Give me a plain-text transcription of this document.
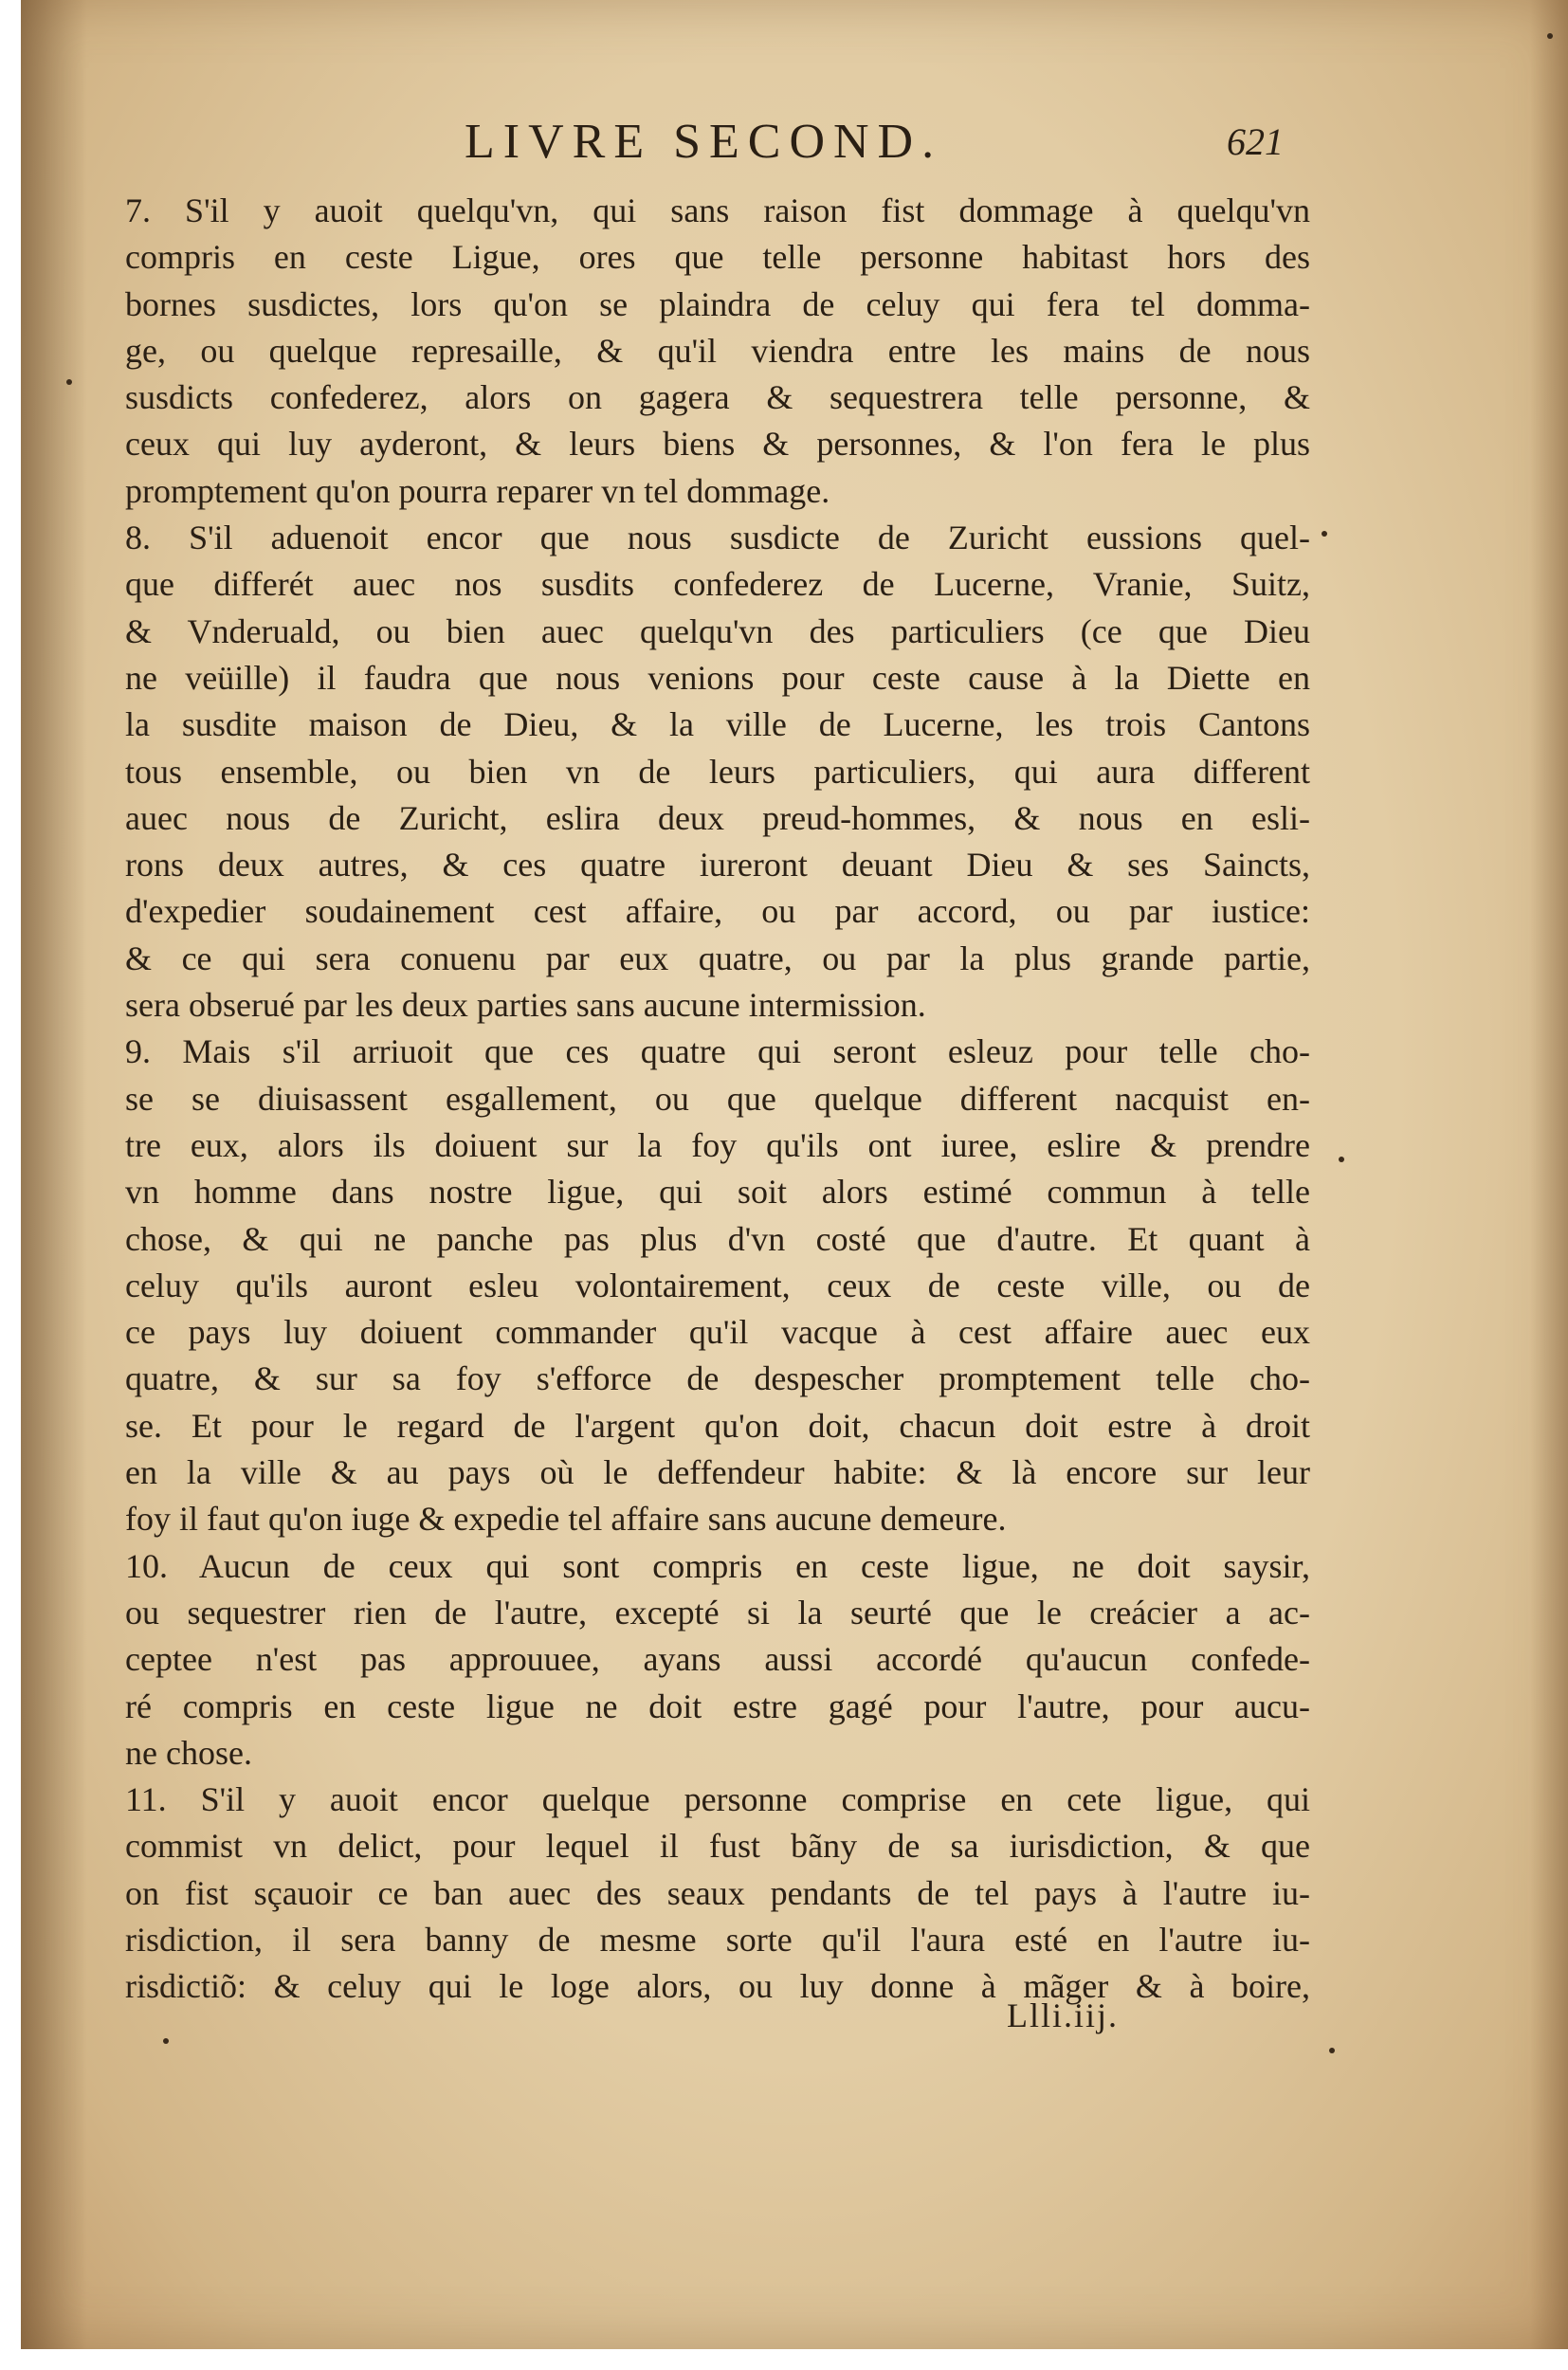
LIVRE SECOND.	621
7. S'il y auoit quelqu'vn, qui sans raison fist dommage à quelqu'vn
compris en ceste Ligue, ores que telle personne habitast hors des
bornes susdictes, lors qu'on se plaindra de celuy qui fera tel domma-
ge, ou quelque represaille, & qu'il viendra entre les mains de nous
susdicts confederez, alors on gagera & sequestrera telle personne, &
ceux qui luy ayderont, & leurs biens & personnes, & l'on fera le plus
promptement qu'on pourra reparer vn tel dommage.
8. S'il aduenoit encor que nous susdicte de Zuricht eussions quel-
que differét auec nos susdits confederez de Lucerne, Vranie, Suitz,
& Vnderuald, ou bien auec quelqu'vn des particuliers (ce que Dieu
ne veüille) il faudra que nous venions pour ceste cause à la Diette en
la susdite maison de Dieu, & la ville de Lucerne, les trois Cantons
tous ensemble, ou bien vn de leurs particuliers, qui aura different
auec nous de Zuricht, eslira deux preud-hommes, & nous en esli-
rons deux autres, & ces quatre iureront deuant Dieu & ses Saincts,
d'expedier soudainement cest affaire, ou par accord, ou par iustice:
& ce qui sera conuenu par eux quatre, ou par la plus grande partie,
sera obserué par les deux parties sans aucune intermission.
9. Mais s'il arriuoit que ces quatre qui seront esleuz pour telle cho-
se se diuisassent esgallement, ou que quelque different nacquist en-
tre eux, alors ils doiuent sur la foy qu'ils ont iuree, eslire & prendre
vn homme dans nostre ligue, qui soit alors estimé commun à telle
chose, & qui ne panche pas plus d'vn costé que d'autre. Et quant à
celuy qu'ils auront esleu volontairement, ceux de ceste ville, ou de
ce pays luy doiuent commander qu'il vacque à cest affaire auec eux
quatre, & sur sa foy s'efforce de despescher promptement telle cho-
se. Et pour le regard de l'argent qu'on doit, chacun doit estre à droit
en la ville & au pays où le deffendeur habite: & là encore sur leur
foy il faut qu'on iuge & expedie tel affaire sans aucune demeure.
10. Aucun de ceux qui sont compris en ceste ligue, ne doit saysir,
ou sequestrer rien de l'autre, excepté si la seurté que le creácier a ac-
ceptee n'est pas approuuee, ayans aussi accordé qu'aucun confede-
ré compris en ceste ligue ne doit estre gagé pour l'autre, pour aucu-
ne chose.
11. S'il y auoit encor quelque personne comprise en cete ligue, qui
commist vn delict, pour lequel il fust bãny de sa iurisdiction, & que
on fist sçauoir ce ban auec des seaux pendants de tel pays à l'autre iu-
risdiction, il sera banny de mesme sorte qu'il l'aura esté en l'autre iu-
risdictiõ: & celuy qui le loge alors, ou luy donne à mãger & à boire,
Llli.iij.
